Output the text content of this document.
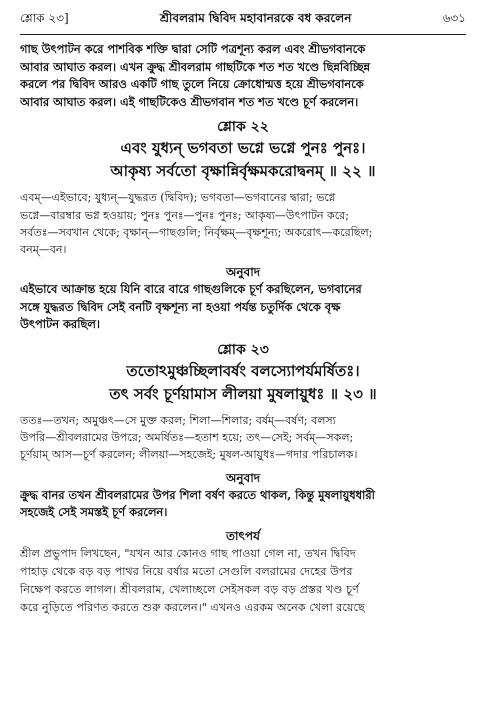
শ্লোক ২৩]	শ্রীবলরাম দ্বিবিদ মহাবানরকে বধ করলেন	৬৩১
গাছ উৎপাটন করে পাশবিক শক্তি দ্বারা সেটি পত্রশূন্য করল এবং শ্রীভগবানকে
আবার আঘাত করল। এখন ক্রুদ্ধ শ্রীবলরাম গাছটিকে শত শত খণ্ডে ছিন্নবিচ্ছিন্ন
করলে পর দ্বিবিদ আরও একটি গাছ তুলে নিয়ে ক্রোধোন্মত্ত হয়ে শ্রীভগবানকে
আবার আঘাত করল। এই গাছটিকেও শ্রীভগবান শত শত খণ্ডে চূর্ণ করলেন।
শ্লোক ২২
এবং যুধ্যন্ ভগবতা ভগ্নে ভগ্নে পুনঃ পুনঃ।
আকৃষ্য সর্বতো বৃক্ষান্নির্বৃক্ষমকরোদ্বনম্ ॥ ২২ ॥
এবম্—এইভাবে; যুধ্যন্—যুদ্ধরত (দ্বিবিদ); ভগবতা—ভগবানের দ্বারা; ভগ্নে
ভগ্নে—বারম্বার ভগ্ন হওয়ায়; পুনঃ পুনঃ—পুনঃ পুনঃ; আকৃষ্য—উৎপাটন করে;
সর্বতঃ—সবখান থেকে; বৃক্ষান্—গাছগুলি; নির্বৃক্ষম্—বৃক্ষশূন্য; অকরোৎ—করেছিল;
বনম্—বন।
অনুবাদ
এইভাবে আক্রান্ত হয়ে যিনি বারে বারে গাছগুলিকে চূর্ণ করছিলেন, ভগবানের
সঙ্গে যুদ্ধরত দ্বিবিদ সেই বনটি বৃক্ষশূন্য না হওয়া পর্যন্ত চতুর্দিক থেকে বৃক্ষ
উৎপাটন করছিল।
শ্লোক ২৩
ততোঽমুঞ্চচ্ছিলাবর্ষং বলস্যোপর্যমর্ষিতঃ।
তৎ সর্বং চূর্ণয়ামাস লীলয়া মুষলায়ুধঃ ॥ ২৩ ॥
ততঃ—তখন; অমুঞ্চৎ—সে মুক্ত করল; শিলা—শিলার; বর্ষম্—বর্ষণ; বলস্য
উপরি—শ্রীবলরামের উপরে; অমর্ষিতঃ—হতাশ হয়ে; তৎ—সেই; সর্বম্—সকল;
চূর্ণয়াম্ আস—চূর্ণ করলেন; লীলয়া—সহজেই; মুষল-আয়ুধঃ—গদার পরিচালক।
অনুবাদ
ক্রুদ্ধ বানর তখন শ্রীবলরামের উপর শিলা বর্ষণ করতে থাকল, কিন্তু মুষলায়ুধধারী
সহজেই সেই সমস্তই চূর্ণ করলেন।
তাৎপর্য
শ্রীল প্রভুপাদ লিখছেন, "যখন আর কোনও গাছ পাওয়া গেল না, তখন দ্বিবিদ
পাহাড় থেকে বড় বড় পাথর নিয়ে বর্ষার মতো সেগুলি বলরামের দেহের উপর
নিক্ষেপ করতে লাগল। শ্রীবলরাম, খেলাচ্ছলে সেইসকল বড় বড় প্রস্তর খণ্ড চূর্ণ
করে নুড়িতে পরিণত করতে শুরু করলেন।" এখনও এরকম অনেক খেলা রয়েছে
